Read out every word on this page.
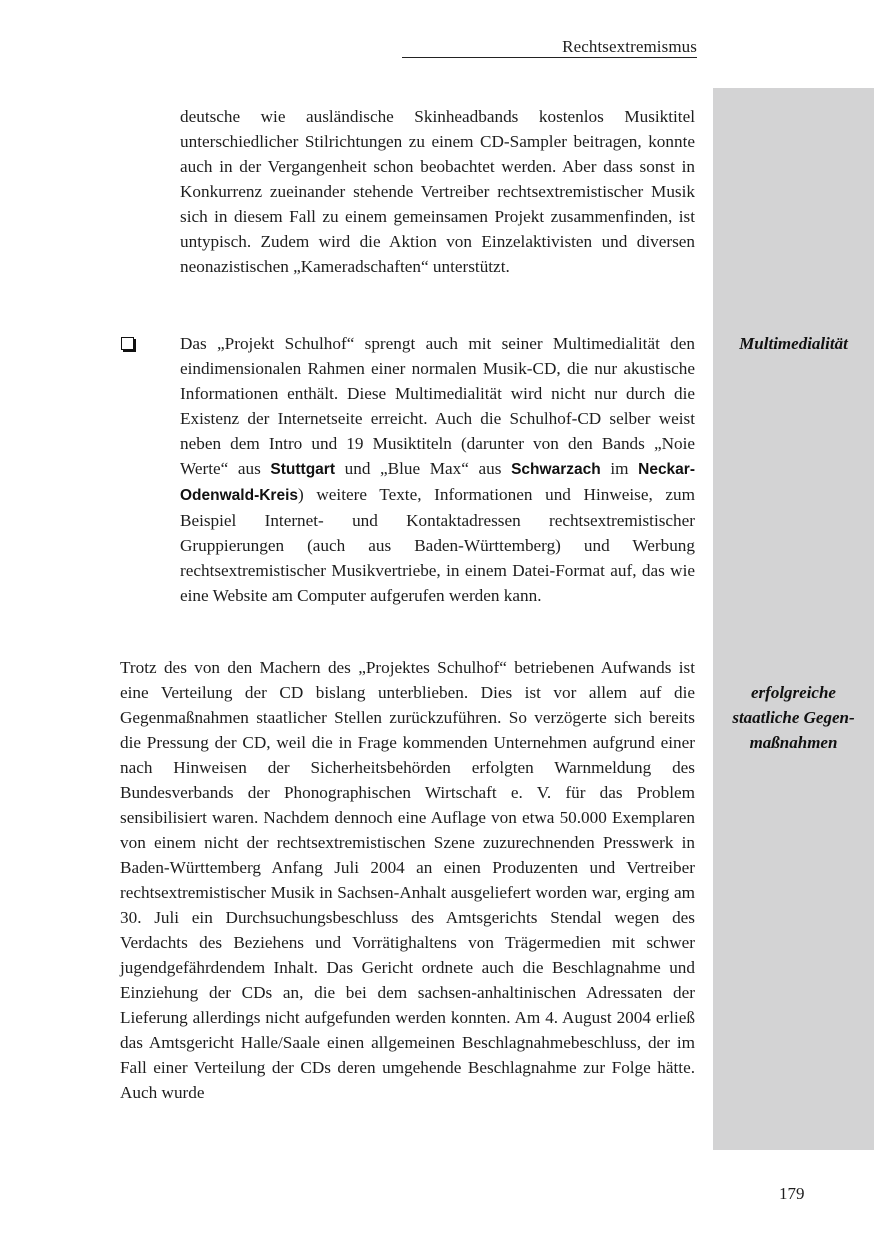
Rechtsextremismus
Multimedialität
erfolgreiche
staatliche Gegen-
maßnahmen
deutsche wie ausländische Skinheadbands kostenlos Musiktitel unterschiedlicher Stilrichtungen zu einem CD-Sampler beitragen, konnte auch in der Vergangenheit schon beobachtet werden. Aber dass sonst in Konkurrenz zueinander stehende Vertreiber rechtsextremistischer Musik sich in diesem Fall zu einem gemeinsamen Projekt zusammenfinden, ist untypisch. Zudem wird die Aktion von Einzelaktivisten und diversen neonazistischen „Kameradschaften“ unterstützt.
Das „Projekt Schulhof“ sprengt auch mit seiner Multimedialität den eindimensionalen Rahmen einer normalen Musik-CD, die nur akustische Informationen enthält. Diese Multimedialität wird nicht nur durch die Existenz der Internetseite erreicht. Auch die Schulhof-CD selber weist neben dem Intro und 19 Musiktiteln (darunter von den Bands „Noie Werte“ aus Stuttgart und „Blue Max“ aus Schwarzach im Neckar-Odenwald-Kreis) weitere Texte, Informationen und Hinweise, zum Beispiel Internet- und Kontaktadressen rechtsextremistischer Gruppierungen (auch aus Baden-Württemberg) und Werbung rechtsextremistischer Musikvertriebe, in einem Datei-Format auf, das wie eine Website am Computer aufgerufen werden kann.
Trotz des von den Machern des „Projektes Schulhof“ betriebenen Aufwands ist eine Verteilung der CD bislang unterblieben. Dies ist vor allem auf die Gegenmaßnahmen staatlicher Stellen zurückzuführen. So verzögerte sich bereits die Pressung der CD, weil die in Frage kommenden Unternehmen aufgrund einer nach Hinweisen der Sicherheitsbehörden erfolgten Warnmeldung des Bundesverbands der Phonographischen Wirtschaft e. V. für das Problem sensibilisiert waren. Nachdem dennoch eine Auflage von etwa 50.000 Exemplaren von einem nicht der rechtsextremistischen Szene zuzurechnenden Presswerk in Baden-Württemberg Anfang Juli 2004 an einen Produzenten und Vertreiber rechtsextremistischer Musik in Sachsen-Anhalt ausgeliefert worden war, erging am 30. Juli ein Durchsuchungsbeschluss des Amtsgerichts Stendal wegen des Verdachts des Beziehens und Vorrätighaltens von Trägermedien mit schwer jugendgefährdendem Inhalt. Das Gericht ordnete auch die Beschlagnahme und Einziehung der CDs an, die bei dem sachsen-anhaltinischen Adressaten der Lieferung allerdings nicht aufgefunden werden konnten. Am 4. August 2004 erließ das Amtsgericht Halle/Saale einen allgemeinen Beschlagnahmebeschluss, der im Fall einer Verteilung der CDs deren umgehende Beschlagnahme zur Folge hätte. Auch wurde
179
